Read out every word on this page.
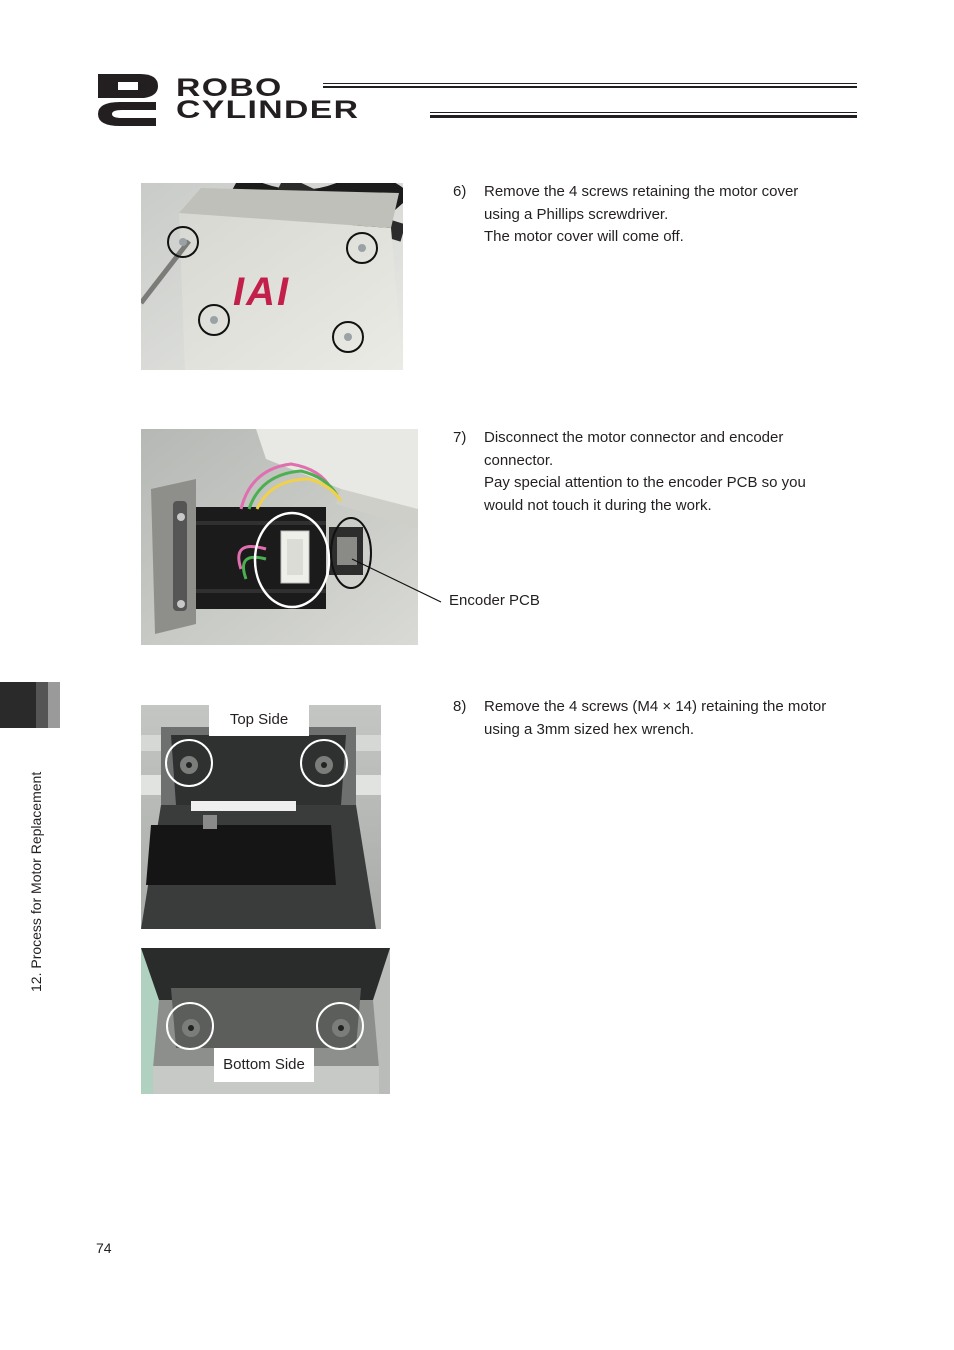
ROBO
CYLINDER
12. Process for Motor Replacement
IAI
6) Remove the 4 screws retaining the motor cover
using a Phillips screwdriver.
The motor cover will come off.
Encoder PCB
7) Disconnect the motor connector and encoder
connector.
Pay special attention to the encoder PCB so you
would not touch it during the work.
Top Side
Bottom Side
8) Remove the 4 screws (M4 × 14) retaining the motor
using a 3mm sized hex wrench.
74
